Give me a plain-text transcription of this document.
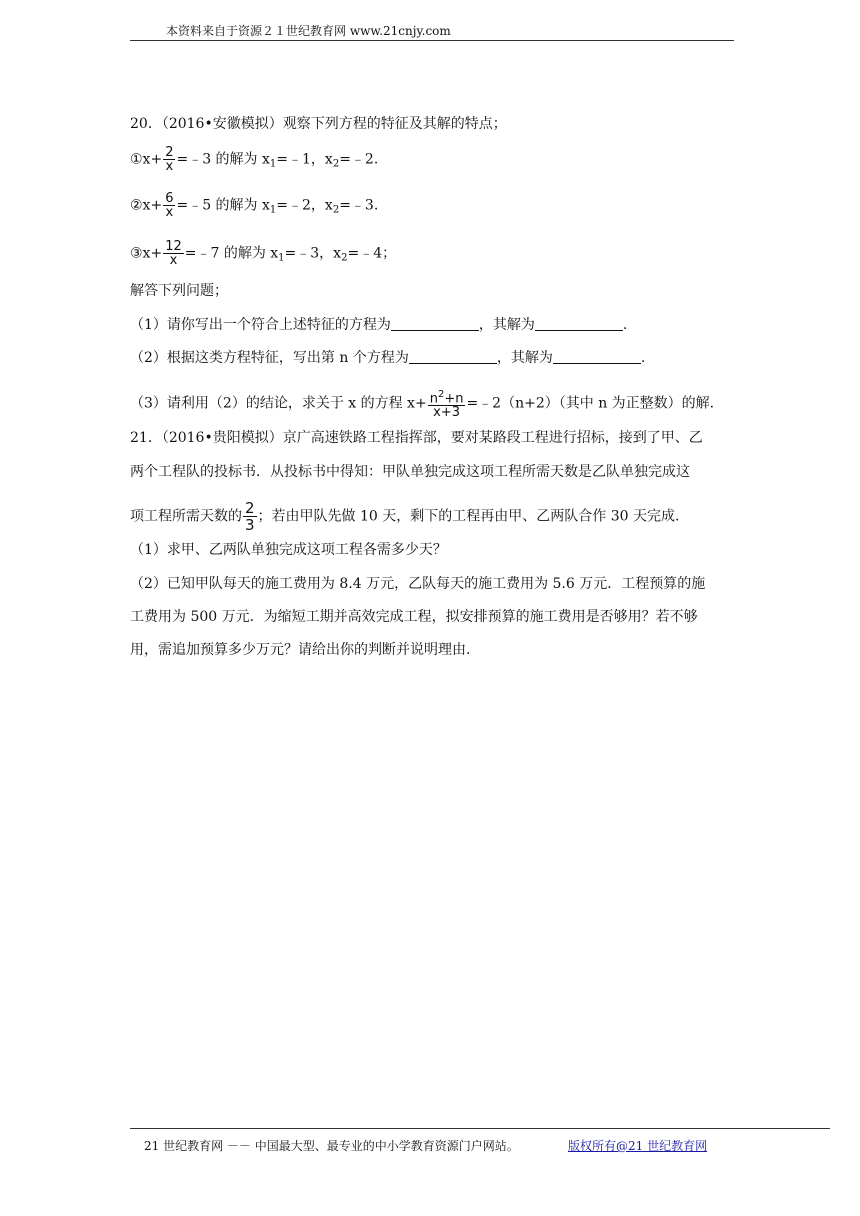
本资料来自于资源２１世纪教育网 www.21cnjy.com
20．（2016•安徽模拟）观察下列方程的特征及其解的特点；
①x+ $\frac{2}{x}$ =﹣3 的解为 $x_1=﹣1$，$x_2=﹣2$.
②x+ $\frac{6}{x}$ =﹣5 的解为 $x_1=﹣2$，$x_2=﹣3$.
③x+ $\frac{12}{x}$ =﹣7 的解为 $x_1=﹣3$，$x_2=﹣4$；
解答下列问题；
（1）请你写出一个符合上述特征的方程为	，其解为	.
（2）根据这类方程特征，写出第 n 个方程为	，其解为	.
（3）请利用（2）的结论，求关于 x 的方程 $x+ \frac{n^2+n}{x+3}$ =﹣2（n+2）（其中 n 为正整数）的解.
21．（2016•贵阳模拟）京广高速铁路工程指挥部，要对某路段工程进行招标，接到了甲、乙
两个工程队的投标书．从投标书中得知：甲队单独完成这项工程所需天数是乙队单独完成这
项工程所需天数的 $\frac{2}{3}$ ；若由甲队先做 10 天，剩下的工程再由甲、乙两队合作 30 天完成.
（1）求甲、乙两队单独完成这项工程各需多少天？
（2）已知甲队每天的施工费用为 8.4 万元，乙队每天的施工费用为 5.6 万元．工程预算的施
工费用为 500 万元．为缩短工期并高效完成工程，拟安排预算的施工费用是否够用？若不够
用，需追加预算多少万元？请给出你的判断并说明理由.
21 世纪教育网 －－ 中国最大型、最专业的中小学教育资源门户网站。	版权所有@21 世纪教育网
